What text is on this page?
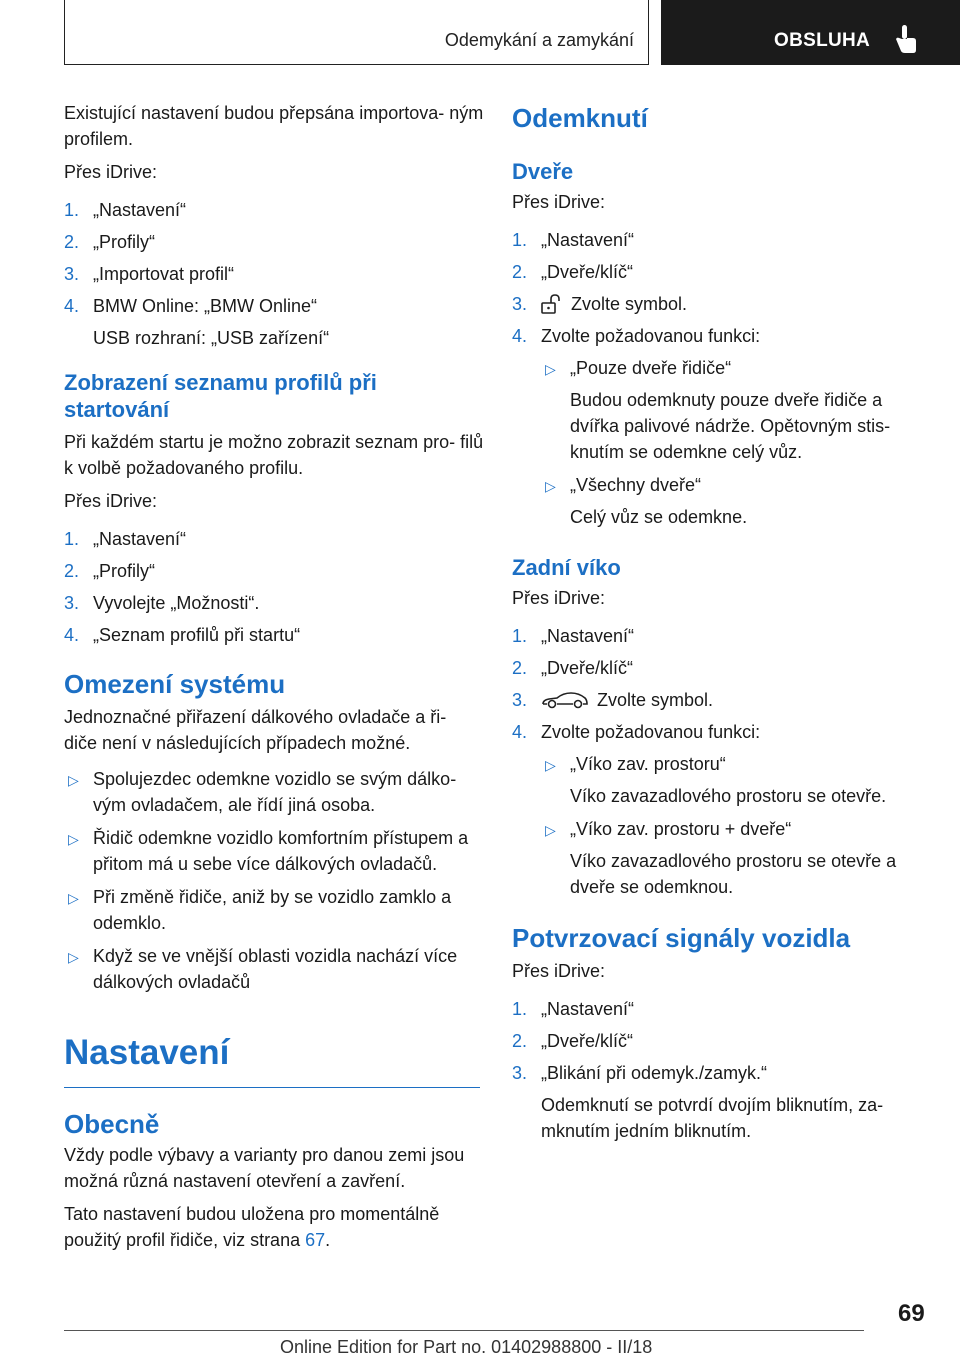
Odemykání a zamykání	OBSLUHA

Existující nastavení budou přepsána importova‐ ným profilem.

Přes iDrive:

1. „Nastavení“
2. „Profily“
3. „Importovat profil“
4. BMW Online: „BMW Online“
USB rozhraní: „USB zařízení“
Zobrazení seznamu profilů při startování

Při každém startu je možno zobrazit seznam pro‐ filů k volbě požadovaného profilu.

Přes iDrive:

1. „Nastavení“
2. „Profily“
3. Vyvolejte „Možnosti“.
4. „Seznam profilů při startu“
Omezení systému

Jednoznačné přiřazení dálkového ovladače a ři‐ diče není v následujících případech možné.

▷ Spolujezdec odemkne vozidlo se svým dálko‐ vým ovladačem, ale řídí jiná osoba.
▷ Řidič odemkne vozidlo komfortním přístupem a přitom má u sebe více dálkových ovladačů.
▷ Při změně řidiče, aniž by se vozidlo zamklo a odemklo.
▷ Když se ve vnější oblasti vozidla nachází více dálkových ovladačů
Nastavení
Obecně

Vždy podle výbavy a varianty pro danou zemi jsou možná různá nastavení otevření a zavření.

Tato nastavení budou uložena pro momentálně použitý profil řidiče, viz strana 67.

Odemknutí
Dveře

Přes iDrive:

1. „Nastavení“
2. „Dveře/klíč“
3. Zvolte symbol.
4. Zvolte požadovanou funkci:
▷ „Pouze dveře řidiče“
Budou odemknuty pouze dveře řidiče a dvířka palivové nádrže. Opětovným stis‐ knutím se odemkne celý vůz.
▷ „Všechny dveře“
Celý vůz se odemkne.
Zadní víko

Přes iDrive:

1. „Nastavení“
2. „Dveře/klíč“
3.	Zvolte symbol.
4. Zvolte požadovanou funkci:
▷ „Víko zav. prostoru“
Víko zavazadlového prostoru se otevře.
▷ „Víko zav. prostoru + dveře“
Víko zavazadlového prostoru se otevře a dveře se odemknou.
Potvrzovací signály vozidla

Přes iDrive:

1. „Nastavení“
2. „Dveře/klíč“
3. „Blikání při odemyk./zamyk.“
Odemknutí se potvrdí dvojím bliknutím, za‐ mknutím jedním bliknutím.
69
Online Edition for Part no. 01402988800 - II/18
